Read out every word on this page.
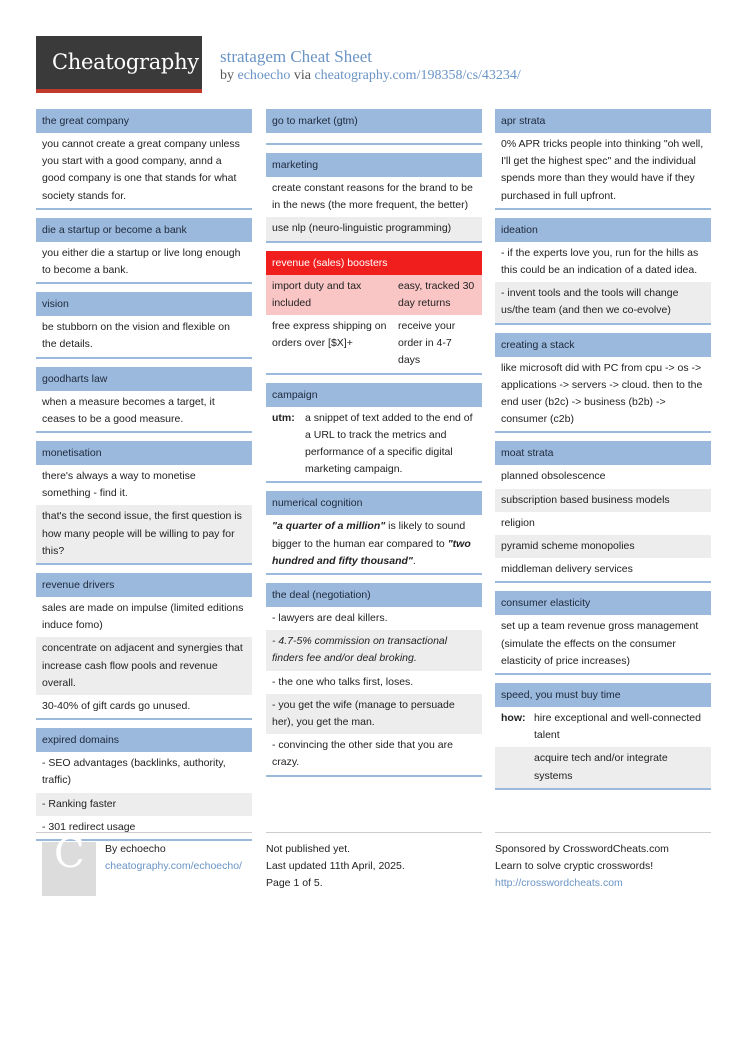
Cheatography stratagem Cheat Sheet
by echoecho via cheatography.com/198358/cs/43234/
the great company
you cannot create a great company unless you start with a good company, annd a good company is one that stands for what society stands for.
die a startup or become a bank
you either die a startup or live long enough to become a bank.
vision
be stubborn on the vision and flexible on the details.
goodharts law
when a measure becomes a target, it ceases to be a good measure.
monetisation
there's always a way to monetise something - find it.
that's the second issue, the first question is how many people will be willing to pay for this?
revenue drivers
sales are made on impulse (limited editions induce fomo)
concentrate on adjacent and synergies that increase cash flow pools and revenue overall.
30-40% of gift cards go unused.
expired domains
- SEO advantages (backlinks, authority, traffic)
- Ranking faster
- 301 redirect usage
go to market (gtm)
marketing
create constant reasons for the brand to be in the news (the more frequent, the better)
use nlp (neuro-linguistic programming)
revenue (sales) boosters
import duty and tax included
easy, tracked 30 day returns
free express shipping on orders over [$X]+
receive your order in 4-7 days
campaign
utm: a snippet of text added to the end of a URL to track the metrics and performance of a specific digital marketing campaign.
numerical cognition
"a quarter of a million" is likely to sound bigger to the human ear compared to "two hundred and fifty thousand".
the deal (negotiation)
- lawyers are deal killers.
- 4.7-5% commission on transactional finders fee and/or deal broking.
- the one who talks first, loses.
- you get the wife (manage to persuade her), you get the man.
- convincing the other side that you are crazy.
apr strata
0% APR tricks people into thinking "oh well, I'll get the highest spec" and the individual spends more than they would have if they purchased in full upfront.
ideation
- if the experts love you, run for the hills as this could be an indication of a dated idea.
- invent tools and the tools will change us/the team (and then we co-evolve)
creating a stack
like microsoft did with PC from cpu -> os -> applications -> servers -> cloud. then to the end user (b2c) -> business (b2b) -> consumer (c2b)
moat strata
planned obsolescence
subscription based business models
religion
pyramid scheme monopolies
middleman delivery services
consumer elasticity
set up a team revenue gross management (simulate the effects on the consumer elasticity of price increases)
speed, you must buy time
how: hire exceptional and well-connected talent
acquire tech and/or integrate systems
C By echoecho
cheatography.com/echoecho/
Not published yet.
Last updated 11th April, 2025.
Page 1 of 5.
Sponsored by CrosswordCheats.com
Learn to solve cryptic crosswords!
http://crosswordcheats.com
